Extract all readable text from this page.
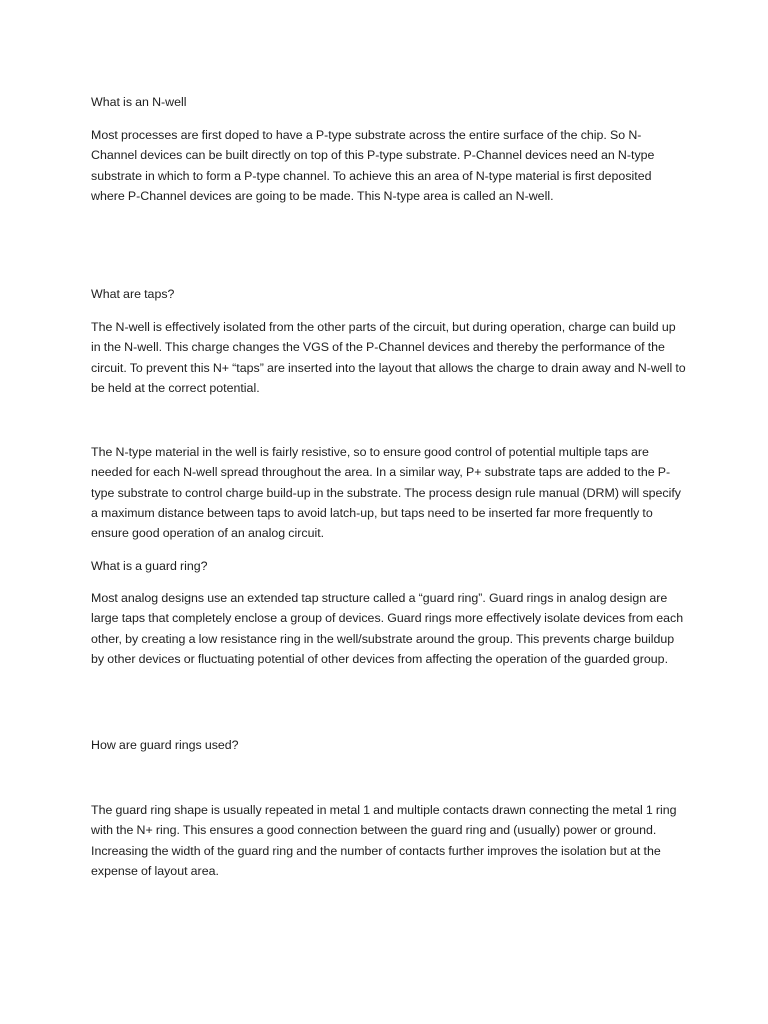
What is an N-well

Most processes are first doped to have a P-type substrate across the entire surface of the chip. So N-Channel devices can be built directly on top of this P-type substrate. P-Channel devices need an N-type substrate in which to form a P-type channel. To achieve this an area of N-type material is first deposited where P-Channel devices are going to be made. This N-type area is called an N-well.

What are taps?

The N-well is effectively isolated from the other parts of the circuit, but during operation, charge can build up in the N-well. This charge changes the VGS of the P-Channel devices and thereby the performance of the circuit. To prevent this N+ “taps” are inserted into the layout that allows the charge to drain away and N-well to be held at the correct potential.

The N-type material in the well is fairly resistive, so to ensure good control of potential multiple taps are needed for each N-well spread throughout the area. In a similar way, P+ substrate taps are added to the P-type substrate to control charge build-up in the substrate. The process design rule manual (DRM) will specify a maximum distance between taps to avoid latch-up, but taps need to be inserted far more frequently to ensure good operation of an analog circuit.

What is a guard ring?

Most analog designs use an extended tap structure called a “guard ring”. Guard rings in analog design are large taps that completely enclose a group of devices. Guard rings more effectively isolate devices from each other, by creating a low resistance ring in the well/substrate around the group. This prevents charge buildup by other devices or fluctuating potential of other devices from affecting the operation of the guarded group.

How are guard rings used?

The guard ring shape is usually repeated in metal 1 and multiple contacts drawn connecting the metal 1 ring with the N+ ring. This ensures a good connection between the guard ring and (usually) power or ground. Increasing the width of the guard ring and the number of contacts further improves the isolation but at the expense of layout area.
